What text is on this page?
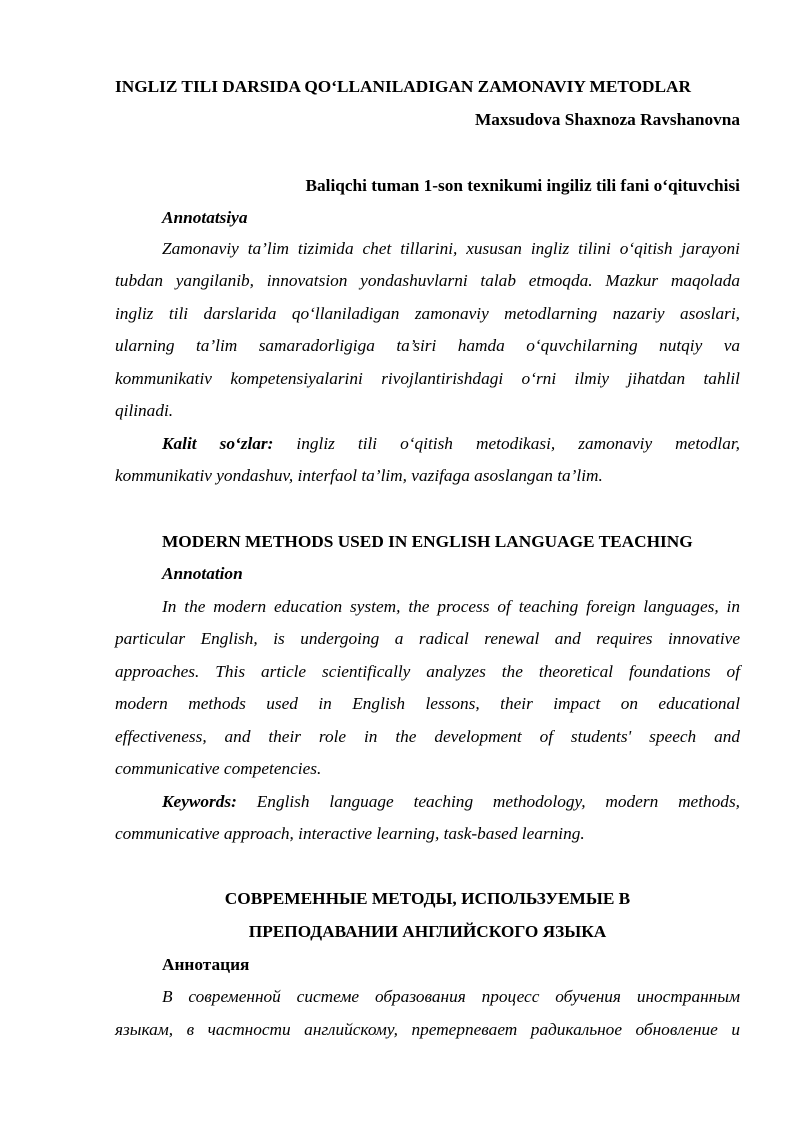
INGLIZ TILI DARSIDA QO‘LLANILADIGAN ZAMONAVIY METODLAR
Maxsudova Shaxnoza Ravshanovna
Baliqchi tuman 1-son texnikumi ingiliz tili fani o‘qituvchisi
Annotatsiya
Zamonaviy ta’lim tizimida chet tillarini, xususan ingliz tilini o‘qitish jarayoni
tubdan yangilanib, innovatsion yondashuvlarni talab etmoqda. Mazkur maqolada
ingliz tili darslarida qo‘llaniladigan zamonaviy metodlarning nazariy asoslari,
ularning ta’lim samaradorligiga ta’siri hamda o‘quvchilarning nutqiy va
kommunikativ kompetensiyalarini rivojlantirishdagi o‘rni ilmiy jihatdan tahlil
qilinadi.
Kalit so‘zlar: ingliz tili o‘qitish metodikasi, zamonaviy metodlar,
kommunikativ yondashuv, interfaol ta’lim, vazifaga asoslangan ta’lim.
MODERN METHODS USED IN ENGLISH LANGUAGE TEACHING
Annotation
In the modern education system, the process of teaching foreign languages, in
particular English, is undergoing a radical renewal and requires innovative
approaches. This article scientifically analyzes the theoretical foundations of
modern methods used in English lessons, their impact on educational
effectiveness, and their role in the development of students' speech and
communicative competencies.
Keywords: English language teaching methodology, modern methods,
communicative approach, interactive learning, task-based learning.
СОВРЕМЕННЫЕ МЕТОДЫ, ИСПОЛЬЗУЕМЫЕ В
ПРЕПОДАВАНИИ АНГЛИЙСКОГО ЯЗЫКА
Аннотация
В современной системе образования процесс обучения иностранным
языкам, в частности английскому, претерпевает радикальное обновление и
